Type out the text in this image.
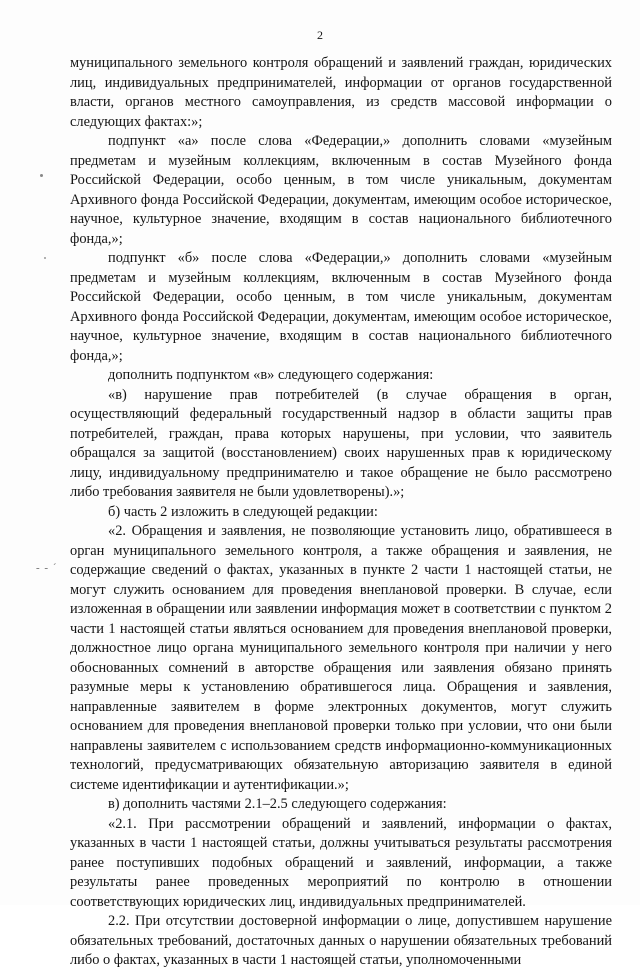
2
- - ˊ

муниципального земельного контроля обращений и заявлений граждан, юридических лиц, индивидуальных предпринимателей, информации от органов государственной власти, органов местного самоуправления, из средств массовой информации о следующих фактах:»;

подпункт «а» после слова «Федерации,» дополнить словами «музейным предметам и музейным коллекциям, включенным в состав Музейного фонда Российской Федерации, особо ценным, в том числе уникальным, документам Архивного фонда Российской Федерации, документам, имеющим особое историческое, научное, культурное значение, входящим в состав национального библиотечного фонда,»;

подпункт «б» после слова «Федерации,» дополнить словами «музейным предметам и музейным коллекциям, включенным в состав Музейного фонда Российской Федерации, особо ценным, в том числе уникальным, документам Архивного фонда Российской Федерации, документам, имеющим особое историческое, научное, культурное значение, входящим в состав национального библиотечного фонда,»;

дополнить подпунктом «в» следующего содержания:

«в) нарушение прав потребителей (в случае обращения в орган, осуществляющий федеральный государственный надзор в области защиты прав потребителей, граждан, права которых нарушены, при условии, что заявитель обращался за защитой (восстановлением) своих нарушенных прав к юридическому лицу, индивидуальному предпринимателю и такое обращение не было рассмотрено либо требования заявителя не были удовлетворены).»;

б) часть 2 изложить в следующей редакции:

«2. Обращения и заявления, не позволяющие установить лицо, обратившееся в орган муниципального земельного контроля, а также обращения и заявления, не содержащие сведений о фактах, указанных в пункте 2 части 1 настоящей статьи, не могут служить основанием для проведения внеплановой проверки. В случае, если изложенная в обращении или заявлении информация может в соответствии с пунктом 2 части 1 настоящей статьи являться основанием для проведения внеплановой проверки, должностное лицо органа муниципального земельного контроля при наличии у него обоснованных сомнений в авторстве обращения или заявления обязано принять разумные меры к установлению обратившегося лица. Обращения и заявления, направленные заявителем в форме электронных документов, могут служить основанием для проведения внеплановой проверки только при условии, что они были направлены заявителем с использованием средств информационно-коммуникационных технологий, предусматривающих обязательную авторизацию заявителя в единой системе идентификации и аутентификации.»;

в) дополнить частями 2.1–2.5 следующего содержания:

«2.1. При рассмотрении обращений и заявлений, информации о фактах, указанных в части 1 настоящей статьи, должны учитываться результаты рассмотрения ранее поступивших подобных обращений и заявлений, информации, а также результаты ранее проведенных мероприятий по контролю в отношении соответствующих юридических лиц, индивидуальных предпринимателей.

2.2. При отсутствии достоверной информации о лице, допустившем нарушение обязательных требований, достаточных данных о нарушении обязательных требований либо о фактах, указанных в части 1 настоящей статьи, уполномоченными
